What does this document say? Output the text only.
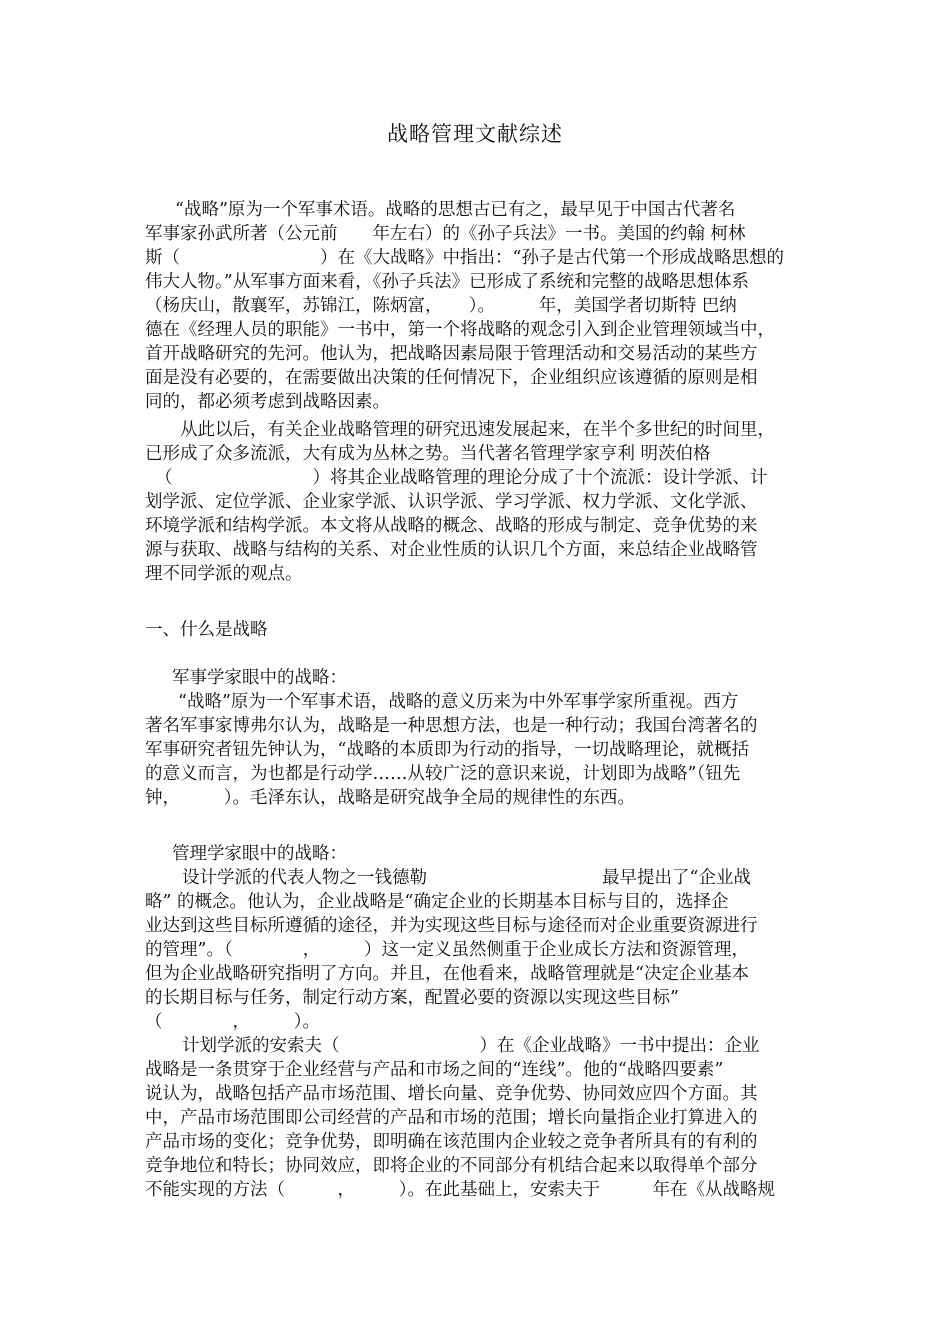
战略管理文献综述
“战略”原为一个军事术语。战略的思想古已有之，最早见于中国古代著名
军事家孙武所著（公元前　　年左右）的《孙子兵法》一书。美国的约翰 柯林
斯（　　　　　　　　）在《大战略》中指出：“孙子是古代第一个形成战略思想的
伟大人物。”从军事方面来看，《孙子兵法》已形成了系统和完整的战略思想体系
（杨庆山，散襄军，苏锦江，陈炳富，　　）。　　　年，美国学者切斯特 巴纳
德在《经理人员的职能》一书中，第一个将战略的观念引入到企业管理领域当中，
首开战略研究的先河。他认为，把战略因素局限于管理活动和交易活动的某些方
面是没有必要的，在需要做出决策的任何情况下，企业组织应该遵循的原则是相
同的，都必须考虑到战略因素。
从此以后，有关企业战略管理的研究迅速发展起来，在半个多世纪的时间里，
已形成了众多流派，大有成为丛林之势。当代著名管理学家亨利 明茨伯格
（　　　　　　　　）将其企业战略管理的理论分成了十个流派：设计学派、计
划学派、定位学派、企业家学派、认识学派、学习学派、权力学派、文化学派、
环境学派和结构学派。本文将从战略的概念、战略的形成与制定、竞争优势的来
源与获取、战略与结构的关系、对企业性质的认识几个方面，来总结企业战略管
理不同学派的观点。
一、什么是战略
军事学家眼中的战略：
“战略”原为一个军事术语，战略的意义历来为中外军事学家所重视。西方
著名军事家博弗尔认为，战略是一种思想方法，也是一种行动；我国台湾著名的
军事研究者钮先钟认为，“战略的本质即为行动的指导，一切战略理论，就概括
的意义而言，为也都是行动学……从较广泛的意识来说，计划即为战略”（钮先
钟，　　　）。毛泽东认，战略是研究战争全局的规律性的东西。
管理学家眼中的战略：
设计学派的代表人物之一钱德勒　　　　　　　　　　最早提出了“企业战
略” 的概念。他认为，企业战略是“确定企业的长期基本目标与目的，选择企
业达到这些目标所遵循的途径，并为实现这些目标与途径而对企业重要资源进行
的管理”。（　　　　，　　　）这一定义虽然侧重于企业成长方法和资源管理，
但为企业战略研究指明了方向。并且，在他看来，战略管理就是“决定企业基本
的长期目标与任务，制定行动方案，配置必要的资源以实现这些目标”
（　　　　，　　　）。
计划学派的安索夫（　　　　　　　　）在《企业战略》一书中提出：企业
战略是一条贯穿于企业经营与产品和市场之间的“连线”。他的“战略四要素”
说认为，战略包括产品市场范围、增长向量、竞争优势、协同效应四个方面。其
中，产品市场范围即公司经营的产品和市场的范围；增长向量指企业打算进入的
产品市场的变化；竞争优势，即明确在该范围内企业较之竞争者所具有的有利的
竞争地位和特长；协同效应，即将企业的不同部分有机结合起来以取得单个部分
不能实现的方法（　　　，　　　）。在此基础上，安索夫于　　　年在《从战略规
